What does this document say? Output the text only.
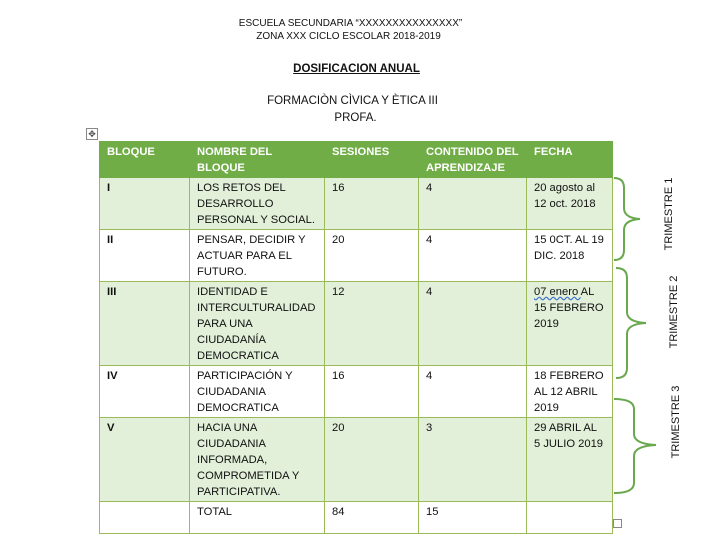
ESCUELA SECUNDARIA “XXXXXXXXXXXXXXX”
ZONA XXX CICLO ESCOLAR 2018-2019
DOSIFICACION ANUAL
FORMACIÒN CÌVICA Y ÈTICA III
PROFA.
✥
BLOQUE	NOMBRE DEL BLOQUE	SESIONES	CONTENIDO DEL APRENDIZAJE	FECHA
I	LOS RETOS DEL DESARROLLO PERSONAL Y SOCIAL.	16	4	20 agosto al 12 oct. 2018
II	PENSAR, DECIDIR Y ACTUAR PARA EL FUTURO.	20	4	15 0CT. AL 19 DIC. 2018
III	IDENTIDAD E INTERCULTURALIDAD PARA UNA CIUDADANÍA DEMOCRATICA	12	4	07 enero AL 15 FEBRERO 2019
IV	PARTICIPACIÓN Y CIUDADANIA DEMOCRATICA	16	4	18 FEBRERO AL 12 ABRIL 2019
V	HACIA UNA CIUDADANIA INFORMADA, COMPROMETIDA Y PARTICIPATIVA.	20	3	29 ABRIL AL 5 JULIO 2019
	TOTAL	84	15	
TRIMESTRE 1
TRIMESTRE 2
TRIMESTRE 3
